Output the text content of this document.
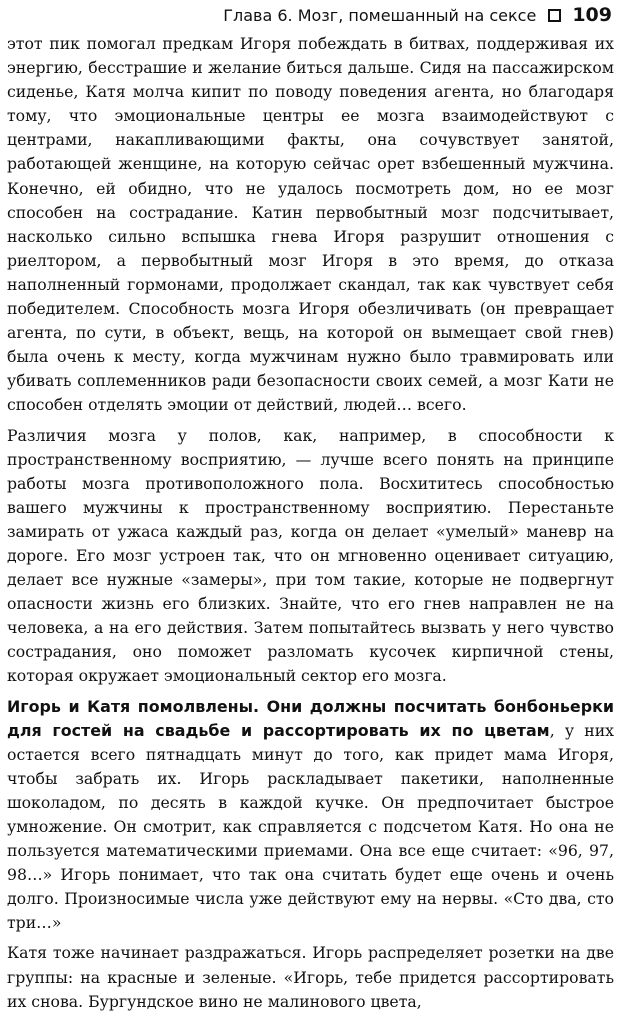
Глава 6. Мозг, помешанный на сексе 109

этот пик помогал предкам Игоря побеждать в битвах, поддерживая их энергию, бесстрашие и желание биться дальше. Сидя на пассажирском сиденье, Катя молча кипит по поводу поведения агента, но благодаря тому, что эмоциональные центры ее мозга взаимодействуют с центрами, накапливающими факты, она сочувствует занятой, работающей женщине, на которую сейчас орет взбешенный мужчина. Конечно, ей обидно, что не удалось посмотреть дом, но ее мозг способен на сострадание. Катин первобытный мозг подсчитывает, насколько сильно вспышка гнева Игоря разрушит отношения с риелтором, а первобытный мозг Игоря в это время, до отказа наполненный гормонами, продолжает скандал, так как чувствует себя победителем. Способность мозга Игоря обезличивать (он превращает агента, по сути, в объект, вещь, на которой он вымещает свой гнев) была очень к месту, когда мужчинам нужно было травмировать или убивать соплеменников ради безопасности своих семей, а мозг Кати не способен отделять эмоции от действий, людей… всего.

Различия мозга у полов, как, например, в способности к пространственному восприятию, — лучше всего понять на принципе работы мозга противоположного пола. Восхититесь способностью вашего мужчины к пространственному восприятию. Перестаньте замирать от ужаса каждый раз, когда он делает «умелый» маневр на дороге. Его мозг устроен так, что он мгновенно оценивает ситуацию, делает все нужные «замеры», при том такие, которые не подвергнут опасности жизнь его близких. Знайте, что его гнев направлен не на человека, а на его действия. Затем попытайтесь вызвать у него чувство сострадания, оно поможет разломать кусочек кирпичной стены, которая окружает эмоциональный сектор его мозга.

Игорь и Катя помолвлены. Они должны посчитать бонбоньерки для гостей на свадьбе и рассортировать их по цветам, у них остается всего пятнадцать минут до того, как придет мама Игоря, чтобы забрать их. Игорь раскладывает пакетики, наполненные шоколадом, по десять в каждой кучке. Он предпочитает быстрое умножение. Он смотрит, как справляется с подсчетом Катя. Но она не пользуется математическими приемами. Она все еще считает: «96, 97, 98…» Игорь понимает, что так она считать будет еще очень и очень долго. Произносимые числа уже действуют ему на нервы. «Сто два, сто три…»

Катя тоже начинает раздражаться. Игорь распределяет розетки на две группы: на красные и зеленые. «Игорь, тебе придется рассортировать их снова. Бургундское вино не малинового цвета,
